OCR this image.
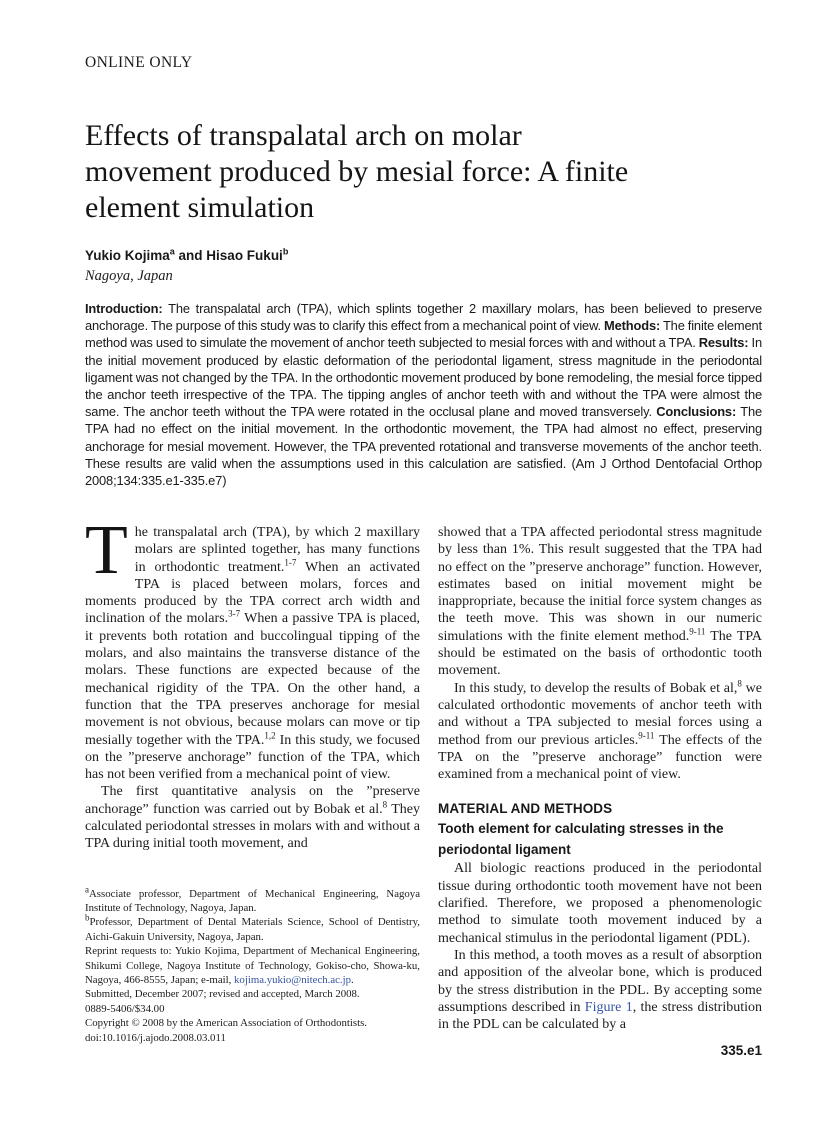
ONLINE ONLY
Effects of transpalatal arch on molar
movement produced by mesial force: A finite
element simulation
Yukio Kojima$^a$ and Hisao Fukui$^b$
Nagoya, Japan
Introduction: The transpalatal arch (TPA), which splints together 2 maxillary molars, has been believed to preserve anchorage. The purpose of this study was to clarify this effect from a mechanical point of view. Methods: The finite element method was used to simulate the movement of anchor teeth subjected to mesial forces with and without a TPA. Results: In the initial movement produced by elastic deformation of the periodontal ligament, stress magnitude in the periodontal ligament was not changed by the TPA. In the orthodontic movement produced by bone remodeling, the mesial force tipped the anchor teeth irrespective of the TPA. The tipping angles of anchor teeth with and without the TPA were almost the same. The anchor teeth without the TPA were rotated in the occlusal plane and moved transversely. Conclusions: The TPA had no effect on the initial movement. In the orthodontic movement, the TPA had almost no effect, preserving anchorage for mesial movement. However, the TPA prevented rotational and transverse movements of the anchor teeth. These results are valid when the assumptions used in this calculation are satisfied. (Am J Orthod Dentofacial Orthop 2008;134:335.e1-335.e7)

The transpalatal arch (TPA), by which 2 maxillary molars are splinted together, has many functions in orthodontic treatment.$^{1-7}$ When an activated TPA is placed between molars, forces and moments produced by the TPA correct arch width and inclination of the molars.$^{3-7}$ When a passive TPA is placed, it prevents both rotation and buccolingual tipping of the molars, and also maintains the transverse distance of the molars. These functions are expected because of the mechanical rigidity of the TPA. On the other hand, a function that the TPA preserves anchorage for mesial movement is not obvious, because molars can move or tip mesially together with the TPA.$^{1,2}$ In this study, we focused on the ”preserve anchorage” function of the TPA, which has not been verified from a mechanical point of view.

The first quantitative analysis on the ”preserve anchorage” function was carried out by Bobak et al.$^8$ They calculated periodontal stresses in molars with and without a TPA during initial tooth movement, and

$^a$Associate professor, Department of Mechanical Engineering, Nagoya Institute of Technology, Nagoya, Japan.

$^b$Professor, Department of Dental Materials Science, School of Dentistry, Aichi-Gakuin University, Nagoya, Japan.

Reprint requests to: Yukio Kojima, Department of Mechanical Engineering, Shikumi College, Nagoya Institute of Technology, Gokiso-cho, Showa-ku, Nagoya, 466-8555, Japan; e-mail, kojima.yukio@nitech.ac.jp.

Submitted, December 2007; revised and accepted, March 2008.

0889-5406/$34.00

Copyright © 2008 by the American Association of Orthodontists.

doi:10.1016/j.ajodo.2008.03.011

showed that a TPA affected periodontal stress magnitude by less than 1%. This result suggested that the TPA had no effect on the ”preserve anchorage” function. However, estimates based on initial movement might be inappropriate, because the initial force system changes as the teeth move. This was shown in our numeric simulations with the finite element method.$^{9-11}$ The TPA should be estimated on the basis of orthodontic tooth movement.

In this study, to develop the results of Bobak et al,$^8$ we calculated orthodontic movements of anchor teeth with and without a TPA subjected to mesial forces using a method from our previous articles.$^{9-11}$ The effects of the TPA on the ”preserve anchorage” function were examined from a mechanical point of view.

MATERIAL AND METHODS

Tooth element for calculating stresses in the periodontal ligament

All biologic reactions produced in the periodontal tissue during orthodontic tooth movement have not been clarified. Therefore, we proposed a phenomenologic method to simulate tooth movement induced by a mechanical stimulus in the periodontal ligament (PDL).

In this method, a tooth moves as a result of absorption and apposition of the alveolar bone, which is produced by the stress distribution in the PDL. By accepting some assumptions described in Figure 1, the stress distribution in the PDL can be calculated by a

335.e1
